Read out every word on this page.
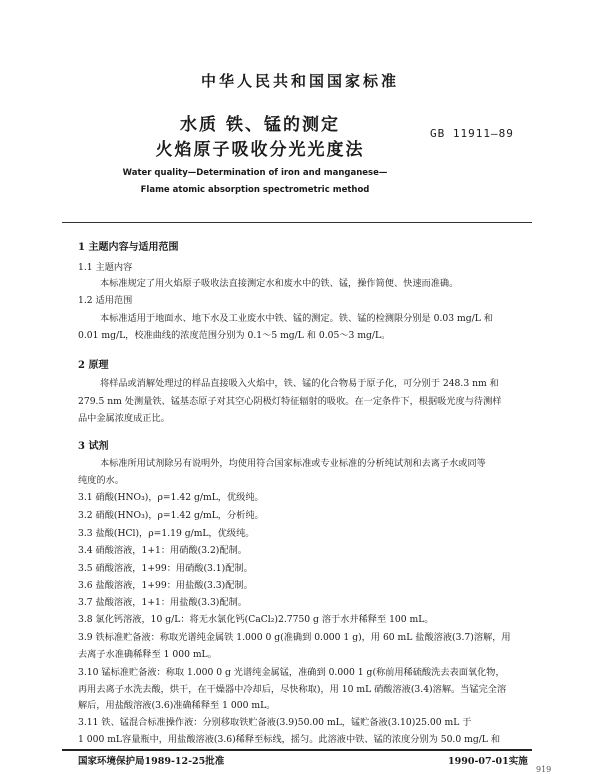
中华人民共和国国家标准
水质 铁、锰的测定
火焰原子吸收分光光度法
GB 11911—89
Water quality—Determination of iron and manganese—
Flame atomic absorption spectrometric method
1 主题内容与适用范围
1.1 主题内容
本标准规定了用火焰原子吸收法直接测定水和废水中的铁、锰，操作简便、快速而准确。
1.2 适用范围
本标准适用于地面水、地下水及工业废水中铁、锰的测定。铁、锰的检测限分别是 0.03 mg/L 和
0.01 mg/L，校准曲线的浓度范围分别为 0.1～5 mg/L 和 0.05～3 mg/L。
2 原理
将样品或消解处理过的样品直接吸入火焰中，铁、锰的化合物易于原子化，可分别于 248.3 nm 和
279.5 nm 处测量铁、锰基态原子对其空心阴极灯特征辐射的吸收。在一定条件下，根据吸光度与待测样
品中金属浓度成正比。
3 试剂
本标准所用试剂除另有说明外，均使用符合国家标准或专业标准的分析纯试剂和去离子水或同等
纯度的水。
3.1 硝酸(HNO₃)，ρ=1.42 g/mL，优级纯。
3.2 硝酸(HNO₃)，ρ=1.42 g/mL，分析纯。
3.3 盐酸(HCl)，ρ=1.19 g/mL，优级纯。
3.4 硝酸溶液，1+1：用硝酸(3.2)配制。
3.5 硝酸溶液，1+99：用硝酸(3.1)配制。
3.6 盐酸溶液，1+99：用盐酸(3.3)配制。
3.7 盐酸溶液，1+1：用盐酸(3.3)配制。
3.8 氯化钙溶液，10 g/L：将无水氯化钙(CaCl₂)2.7750 g 溶于水并稀释至 100 mL。
3.9 铁标准贮备液：称取光谱纯金属铁 1.000 0 g(准确到 0.000 1 g)，用 60 mL 盐酸溶液(3.7)溶解，用
去离子水准确稀释至 1 000 mL。
3.10 锰标准贮备液：称取 1.000 0 g 光谱纯金属锰，准确到 0.000 1 g(称前用稀硫酸洗去表面氧化物，
再用去离子水洗去酸，烘干，在干燥器中冷却后，尽快称取)，用 10 mL 硝酸溶液(3.4)溶解。当锰完全溶
解后，用盐酸溶液(3.6)准确稀释至 1 000 mL。
3.11 铁、锰混合标准操作液：分别移取铁贮备液(3.9)50.00 mL，锰贮备液(3.10)25.00 mL 于
1 000 mL容量瓶中，用盐酸溶液(3.6)稀释至标线，摇匀。此溶液中铁、锰的浓度分别为 50.0 mg/L 和
国家环境保护局1989-12-25批准	1990-07-01实施
919
